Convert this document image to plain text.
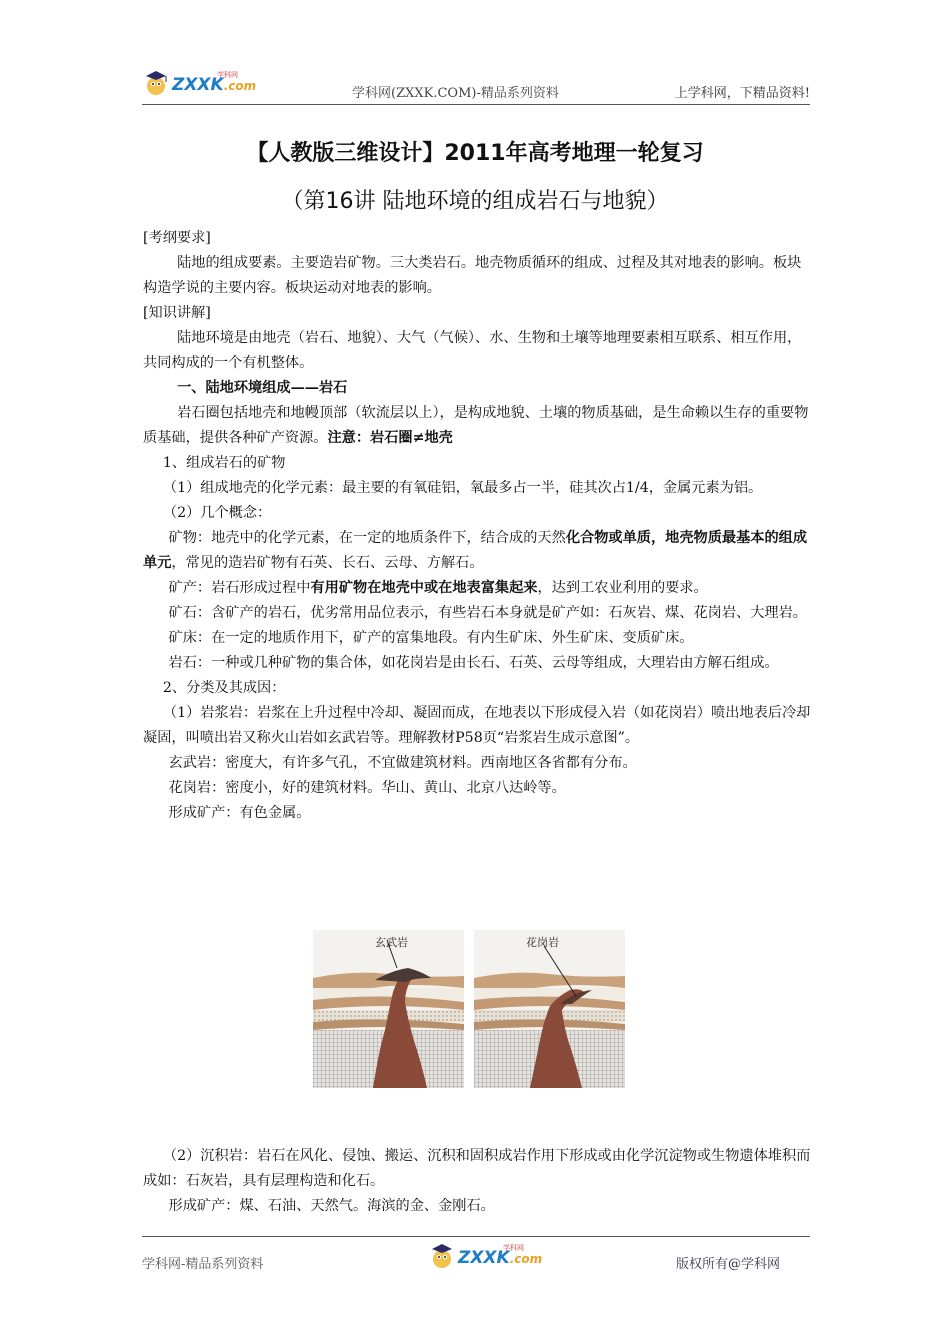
ZXXK.com
学科网
学科网(ZXXK.COM)-精品系列资料	上学科网，下精品资料!
【人教版三维设计】2011年高考地理一轮复习
（第16讲 陆地环境的组成岩石与地貌）

[考纲要求]

陆地的组成要素。主要造岩矿物。三大类岩石。地壳物质循环的组成、过程及其对地表的影响。板块构造学说的主要内容。板块运动对地表的影响。

[知识讲解]

陆地环境是由地壳（岩石、地貌）、大气（气候）、水、生物和土壤等地理要素相互联系、相互作用，共同构成的一个有机整体。

一、陆地环境组成——岩石

岩石圈包括地壳和地幔顶部（软流层以上），是构成地貌、土壤的物质基础，是生命赖以生存的重要物质基础，提供各种矿产资源。注意：岩石圈≠地壳

1、组成岩石的矿物

（1）组成地壳的化学元素：最主要的有氧硅铝，氧最多占一半，硅其次占1/4，金属元素为铝。

（2）几个概念：

矿物：地壳中的化学元素，在一定的地质条件下，结合成的天然化合物或单质，地壳物质最基本的组成单元，常见的造岩矿物有石英、长石、云母、方解石。

矿产：岩石形成过程中有用矿物在地壳中或在地表富集起来，达到工农业利用的要求。

矿石：含矿产的岩石，优劣常用品位表示，有些岩石本身就是矿产如：石灰岩、煤、花岗岩、大理岩。

矿床：在一定的地质作用下，矿产的富集地段。有内生矿床、外生矿床、变质矿床。

岩石：一种或几种矿物的集合体，如花岗岩是由长石、石英、云母等组成，大理岩由方解石组成。

2、分类及其成因：

（1）岩浆岩：岩浆在上升过程中冷却、凝固而成，在地表以下形成侵入岩（如花岗岩）喷出地表后冷却凝固，叫喷出岩又称火山岩如玄武岩等。理解教材P58页“岩浆岩生成示意图”。

玄武岩：密度大，有许多气孔，不宜做建筑材料。西南地区各省都有分布。

花岗岩：密度小，好的建筑材料。华山、黄山、北京八达岭等。

形成矿产：有色金属。

玄武岩	花岗岩

（2）沉积岩：岩石在风化、侵蚀、搬运、沉积和固积成岩作用下形成或由化学沉淀物或生物遗体堆积而成如：石灰岩，具有层理构造和化石。

形成矿产：煤、石油、天然气。海滨的金、金刚石。

学科网-精品系列资料	ZXXK.com
学科网
版权所有@学科网
